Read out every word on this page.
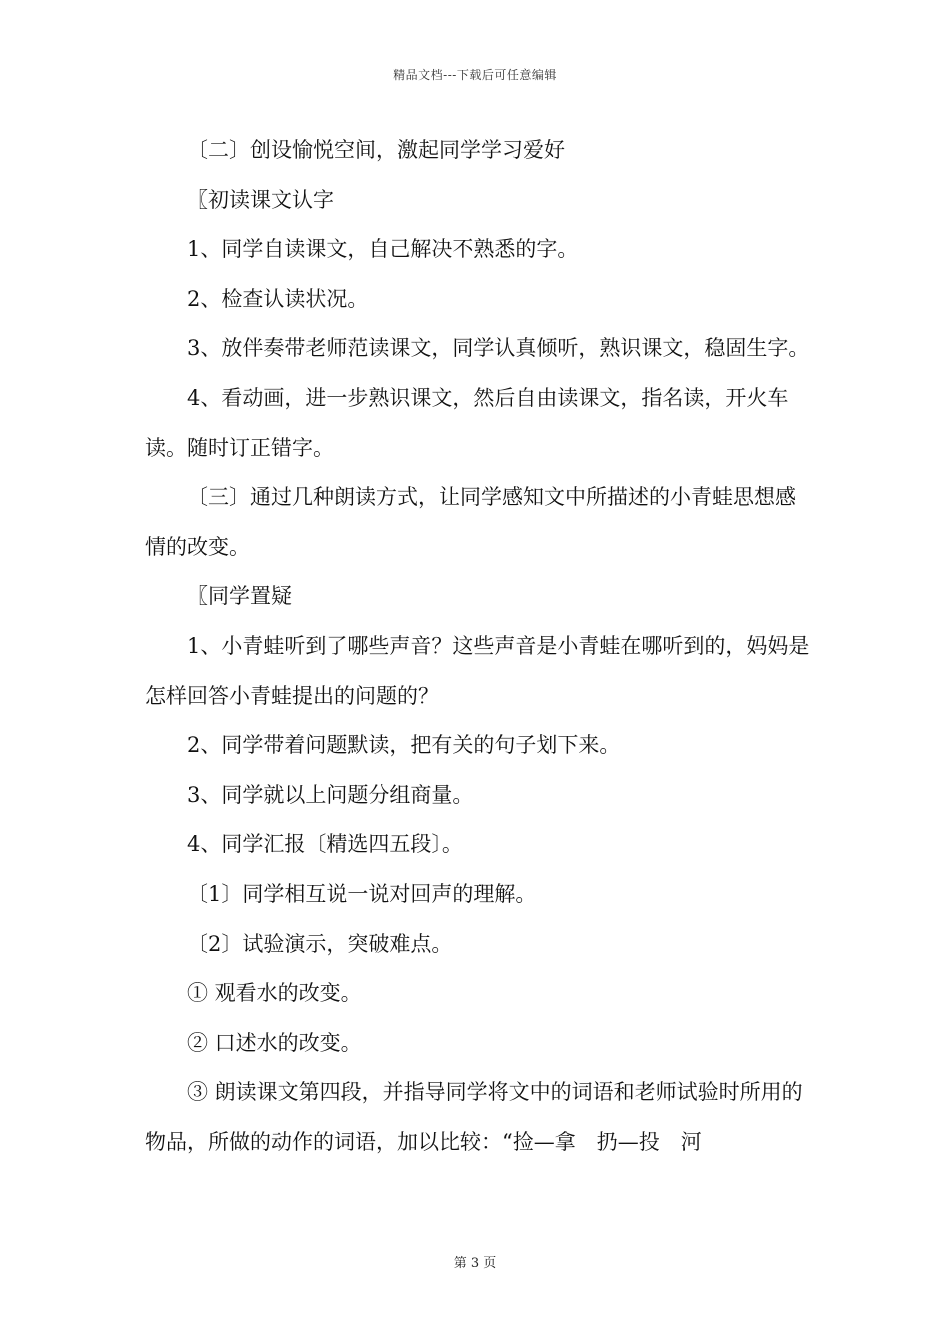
精品文档---下载后可任意编辑

〔二〕创设愉悦空间，激起同学学习爱好

〖初读课文认字

1、同学自读课文，自己解决不熟悉的字。

2、检查认读状况。

3、放伴奏带老师范读课文，同学认真倾听，熟识课文，稳固生字。

4、看动画，进一步熟识课文，然后自由读课文，指名读，开火车读。随时订正错字。

〔三〕通过几种朗读方式，让同学感知文中所描述的小青蛙思想感情的改变。

〖同学置疑

1、小青蛙听到了哪些声音？这些声音是小青蛙在哪听到的，妈妈是怎样回答小青蛙提出的问题的？

2、同学带着问题默读，把有关的句子划下来。

3、同学就以上问题分组商量。

4、同学汇报〔精选四五段〕。

〔1〕同学相互说一说对回声的理解。

〔2〕试验演示，突破难点。

① 观看水的改变。

② 口述水的改变。

③ 朗读课文第四段，并指导同学将文中的词语和老师试验时所用的物品，所做的动作的词语，加以比较：“捡—拿　扔—投　河

第 3 页
